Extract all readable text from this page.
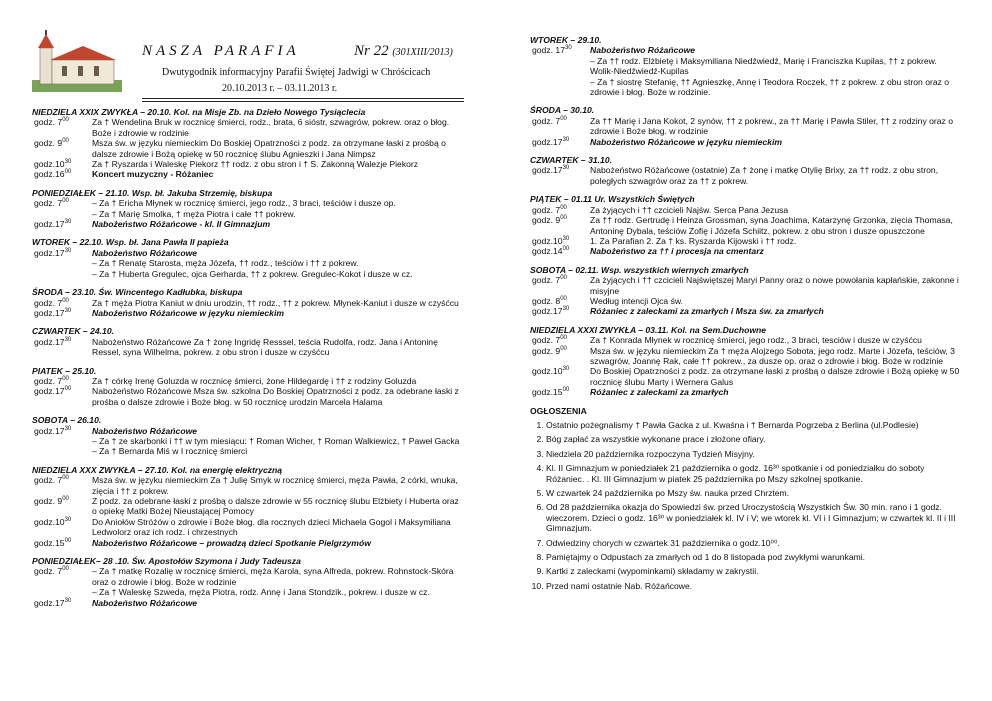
NASZA PARAFIA	Nr 22 (301XIII/2013)
Dwutygodnik informacyjny Parafii Świętej Jadwigi w Chróścicach
20.10.2013 r. – 03.11.2013 r.
NIEDZIELA XXIX ZWYKŁA – 20.10. Kol. na Misje Zb. na Dzieło Nowego Tysiąclecia
godz. $7^{00}$	Za † Wendelina Bruk w rocznicę śmierci, rodz., brata, 6 sióstr, szwagrów, pokrew. oraz o błog. Boże i zdrowie w rodzinie
godz. $9^{00}$	Msza św. w języku niemieckim Do Boskiej Opatrzności z podz. za otrzymane łaski z prośbą o dalsze zdrowie i Bożą opiekę w 50 rocznicę ślubu Agnieszki i Jana Nimpsz
$godz.10^{30}$	Za † Ryszarda i Waleskę Piekorz †† rodz. z obu stron i † S. Zakonną Walezje Piekorz
$godz.16^{00}$	Koncert muzyczny - Różaniec
PONIEDZIAŁEK – 21.10. Wsp. bł. Jakuba Strzemię, biskupa
godz. $7^{00}$	– Za † Ericha Młynek w rocznicę śmierci, jego rodz., 3 braci, teściów i dusze op.
– Za † Marię Smolka, † męża Piotra i całe †† pokrew.
$godz.17^{30}$	Nabożeństwo Różańcowe - kl. II Gimnazjum
WTOREK – 22.10. Wsp. bł. Jana Pawła II papieża
$godz.17^{30}$	Nabożeństwo Różańcowe
– Za † Renatę Starosta, męża Józefa, †† rodz., teściów i †† z pokrew.
– Za † Huberta Gregulec, ojca Gerharda, †† z pokrew. Gregulec-Kokot i dusze w cz.
ŚRODA – 23.10. Św. Wincentego Kadłubka, biskupa
godz. $7^{00}$	Za † męża Piotra Kaniut w dniu urodzin, †† rodz., †† z pokrew. Młynek-Kaniut i dusze w czyśćcu
$godz.17^{30}$	Nabożeństwo Różańcowe w języku niemieckim
CZWARTEK – 24.10.
$godz.17^{30}$	Nabożeństwo Różańcowe Za † żonę Ingridę Resssel, teścia Rudolfa, rodz. Jana i Antoninę Ressel, syna Wilhelma, pokrew. z obu stron i dusze w czyśćcu
PIATEK – 25.10.
godz. $7^{00}$	Za † córkę Irenę Goluzda w rocznicę śmierci, żone Hildegardę i †† z rodziny Goluzda
$godz.17^{00}$	Nabożeństwo Różańcowe Msza św. szkolna Do Boskiej Opatrzności z podz. za odebrane łaski z prośba o dalsze zdrowie i Boże błog. w 50 rocznicę urodzin Marcela Halama
SOBOTA – 26.10.
$godz.17^{30}$	Nabożeństwo Różańcowe
– Za † ze skarbonki i †† w tym miesiącu: † Roman Wicher, † Roman Walkiewicz, † Paweł Gacka
– Za † Bernarda Miś w I rocznicę śmierci
NIEDZIELA XXX ZWYKŁA – 27.10. Kol. na energię elektryczną
godz. $7^{00}$	Msza św. w języku niemieckim Za † Julię Smyk w rocznicę śmierci, męża Pawła, 2 córki, wnuka, zięcia i †† z pokrew.
godz. $9^{00}$	Z podz. za odebrane łaski z prośbą o dalsze zdrowie w 55 rocznicę ślubu Elżbiety i Huberta oraz o opiekę Matki Bożej Nieustającej Pomocy
$godz.10^{30}$	Do Aniołów Stróżów o zdrowie i Boże błog. dla rocznych dzieci Michaela Gogol i Maksymiliana Ledwolorz oraz ich rodz. i chrzestnych
$godz.15^{00}$	Nabożeństwo Różańcowe – prowadzą dzieci Spotkanie Pielgrzymów
PONIEDZIAŁEK– 28 .10. Św. Apostołów Szymona i Judy Tadeusza
godz. $7^{00}$	– Za † matkę Rozalię w rocznicę śmierci, męża Karola, syna Alfreda, pokrew. Rohnstock-Skóra oraz o zdrowie i błog. Boże w rodzinie
– Za † Waleskę Szweda, męża Piotra, rodz. Annę i Jana Stondzik., pokrew. i dusze w cz.
$godz.17^{30}$	Nabożeństwo Różańcowe
WTOREK – 29.10.
godz. $17^{30}$	Nabożeństwo Różańcowe
– Za †† rodz. Elżbietę i Maksymiliana Niedźwiedź, Marię i Franciszka Kupilas, †† z pokrew. Wolik-Niedźwiedź-Kupilas
– Za † siostrę Stefanię, †† Agnieszkę, Annę i Teodora Roczek, †† z pokrew. z obu stron oraz o zdrowie i błog. Boże w rodzinie.
ŚRODA – 30.10.
godz. $7^{00}$	Za †† Marię i Jana Kokot, 2 synów, †† z pokrew., za †† Marię i Pawła Stiler, †† z rodziny oraz o zdrowie i Boże błog. w rodzinie
$godz.17^{30}$	Nabożeństwo Różańcowe w języku niemieckim
CZWARTEK – 31.10.
$godz.17^{30}$	Nabożeństwo Różańcowe (ostatnie) Za † żonę i matkę Otylię Brixy, za †† rodz. z obu stron, poległych szwagrów oraz za †† z pokrew.
PIĄTEK – 01.11 Ur. Wszystkich Świętych
godz. $7^{00}$	Za żyjących i †† czcicieli Najśw. Serca Pana Jezusa
godz. $9^{00}$	Za †† rodz. Gertrudę i Heinza Grossman, syna Joachima, Katarzynę Grzonka, zięcia Thomasa, Antoninę Dybala, teściów Zofię i Józefa Schiitz, pokrew. z obu stron i dusze opuszczone
$godz.10^{30}$	1. Za Parafian 2. Za † ks. Ryszarda Kijowski i †† rodz.
$godz.14^{00}$	Nabożeństwo za †† i procesja na cmentarz
SOBOTA – 02.11. Wsp. wszystkich wiernych zmarłych
godz. $7^{00}$	Za żyjących i †† czcicieli Najświętszej Maryi Panny oraz o nowe powołania kapłańskie, zakonne i misyjne
godz. $8^{00}$	Według intencji Ojca św.
$godz.17^{30}$	Różaniec z zaleckami za zmarłych i Msza św. za zmarłych
NIEDZIELA XXXI ZWYKŁA – 03.11. Kol. na Sem.Duchowne
godz. $7^{00}$	Za † Konrada Młynek w rocznicę śmierci, jego rodz., 3 braci, tesciów i dusze w czyśćcu
godz. $9^{00}$	Msza św. w języku niemieckim Za † męża Alojzego Sobota, jego rodz. Marte i Józefa, teściów, 3 szwagrów, Joannę Rak, całe †† pokrew., za dusze op. oraz o zdrowie i błog. Boże w rodzinie
$godz.10^{30}$	Do Boskiej Opatrzności z podz. za otrzymane łaski z prośbą o dalsze zdrowie i Bożą opiekę w 50 rocznicę ślubu Marty i Wernera Galus
$godz.15^{00}$	Różaniec z zaleckami za zmarłych
OGŁOSZENIA
1. Ostatnio pożegnalismy † Pawła Gacka z ul. Kwaśna i † Bernarda Pogrzeba z Berlina (ul.Podlesie)
2. Bóg zapłać za wszystkie wykonane prace i złożone ofiary.
3. Niedziela 20 października rozpoczyna Tydzień Misyjny.
4. Kl. II Gimnazjum w poniedziałek 21 października o godz. 16³⁰ spotkanie i od poniedziałku do soboty Różaniec. . Kl. III Gimnazjum w piatek 25 października po Mszy szkolnej spotkanie.
5. W czwartek 24 października po Mszy św. nauka przed Chrztem.
6. Od 28 października okazja do Spowiedzi św. przed Uroczystością Wszystkich Św. 30 min. rano i 1 godz. wieczorem. Dzieci o godz. 16³⁰ w poniedziałek kl. IV i V; we wtorek kl. VI i I Gimnazjum; w czwartek kl. II i III Gimnazjum.
7. Odwiedziny chorych w czwartek 31 października o godz.10⁰⁰.
8. Pamiętajmy o Odpustach za zmarłych od 1 do 8 listopada pod zwykłymi warunkami.
9. Kartki z zaleckami (wypominkami) składamy w zakrystii.
10. Przed nami ostatnie Nab. Różańcowe.
